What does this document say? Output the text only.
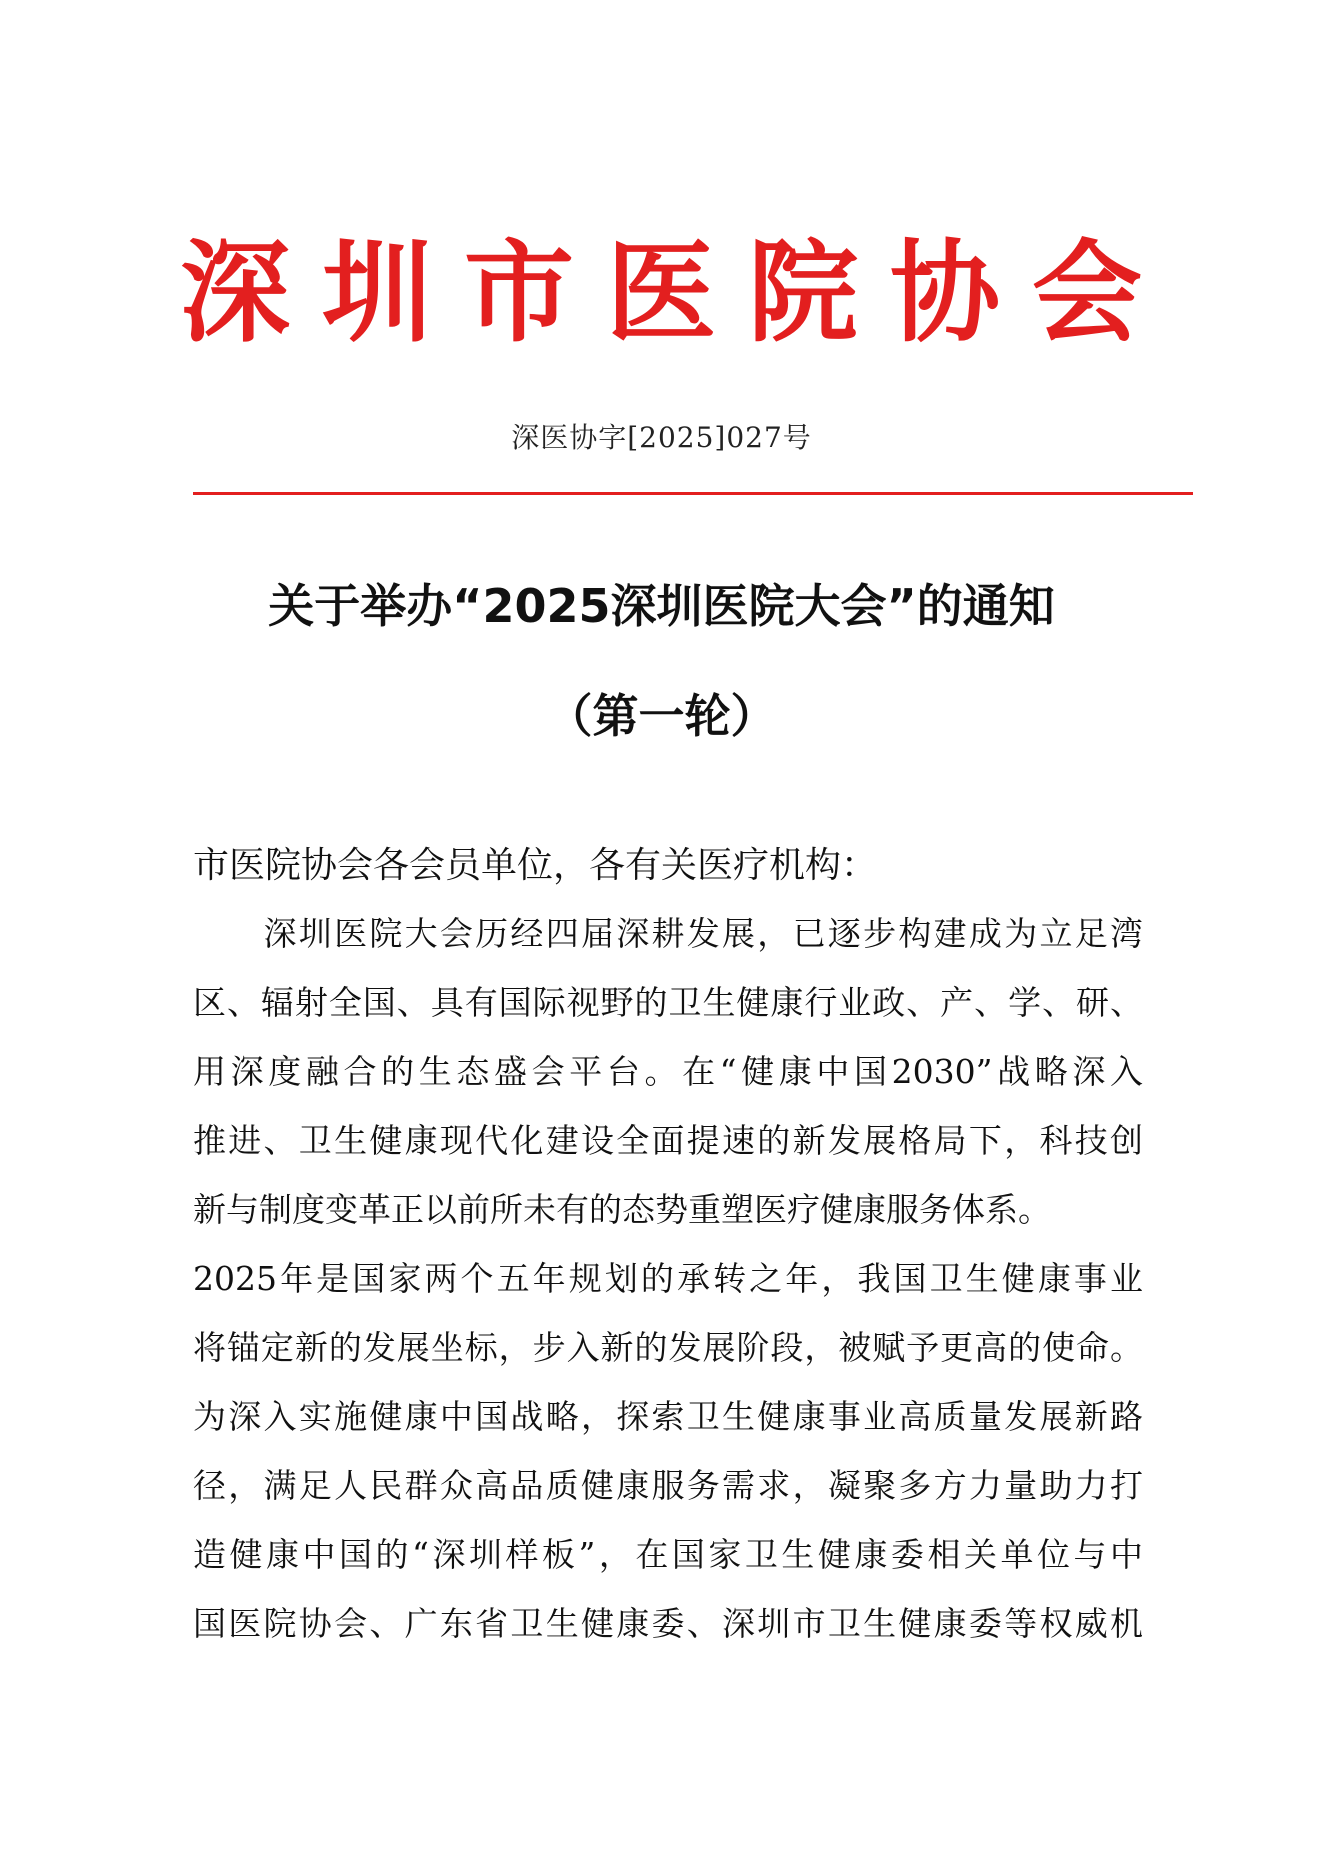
深圳市医院协会
深医协字[2025]027号
关于举办“2025深圳医院大会”的通知
（第一轮）
市医院协会各会员单位，各有关医疗机构：
　　深圳医院大会历经四届深耕发展，已逐步构建成为立足湾
区、辐射全国、具有国际视野的卫生健康行业政、产、学、研、
用深度融合的生态盛会平台。在“健康中国2030”战略深入
推进、卫生健康现代化建设全面提速的新发展格局下，科技创
新与制度变革正以前所未有的态势重塑医疗健康服务体系。
2025年是国家两个五年规划的承转之年，我国卫生健康事业
将锚定新的发展坐标，步入新的发展阶段，被赋予更高的使命。
为深入实施健康中国战略，探索卫生健康事业高质量发展新路
径，满足人民群众高品质健康服务需求，凝聚多方力量助力打
造健康中国的“深圳样板”，在国家卫生健康委相关单位与中
国医院协会、广东省卫生健康委、深圳市卫生健康委等权威机
